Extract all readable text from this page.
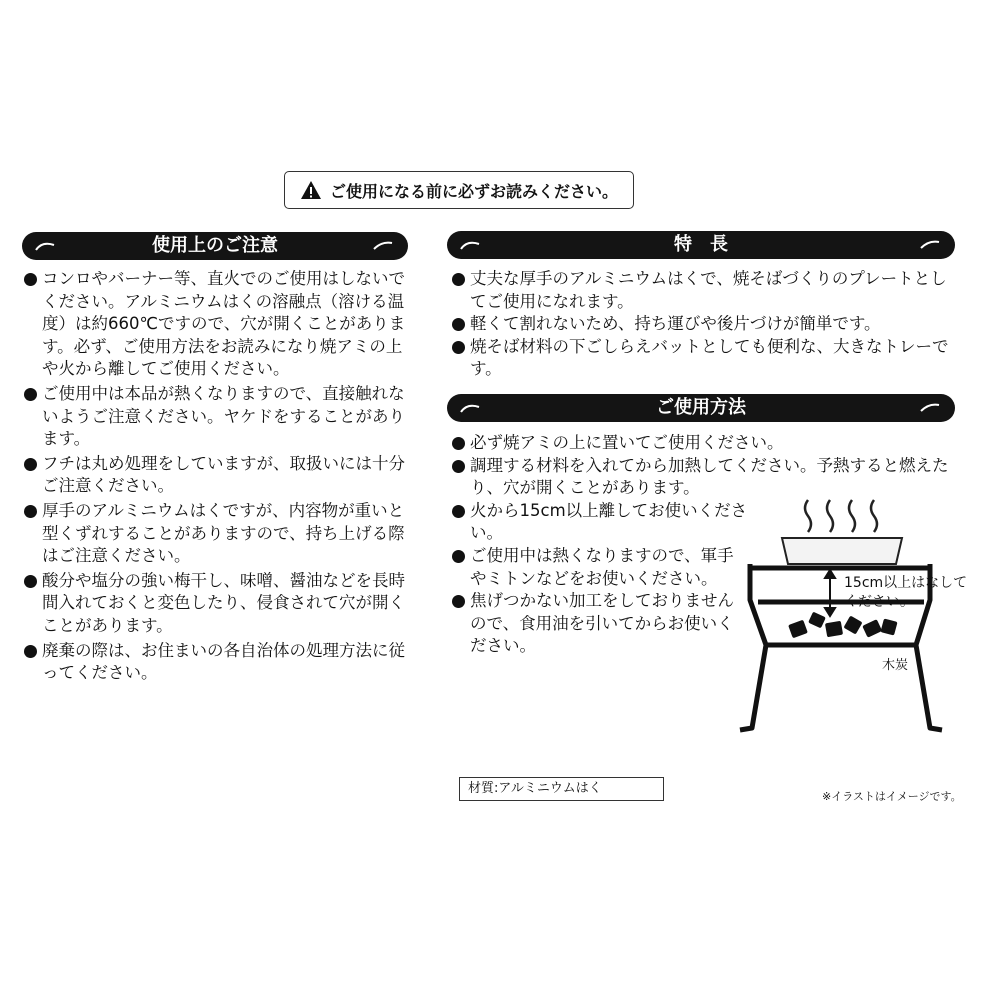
ご使用になる前に必ずお読みください。
使用上のご注意
コンロやバーナー等、直火でのご使用はしないでください。アルミニウムはくの溶融点（溶ける温度）は約660℃ですので、穴が開くことがあります。必ず、ご使用方法をお読みになり焼アミの上や火から離してご使用ください。
ご使用中は本品が熱くなりますので、直接触れないようご注意ください。ヤケドをすることがあります。
フチは丸め処理をしていますが、取扱いには十分ご注意ください。
厚手のアルミニウムはくですが、内容物が重いと型くずれすることがありますので、持ち上げる際はご注意ください。
酸分や塩分の強い梅干し、味噌、醤油などを長時間入れておくと変色したり、侵食されて穴が開くことがあります。
廃棄の際は、お住まいの各自治体の処理方法に従ってください。
特　長
丈夫な厚手のアルミニウムはくで、焼そばづくりのプレートとしてご使用になれます。
軽くて割れないため、持ち運びや後片づけが簡単です。
焼そば材料の下ごしらえバットとしても便利な、大きなトレーです。
ご使用方法
必ず焼アミの上に置いてご使用ください。
調理する材料を入れてから加熱してください。予熱すると燃えたり、穴が開くことがあります。
火から15cm以上離してお使いください。
ご使用中は熱くなりますので、軍手やミトンなどをお使いください。
焦げつかない加工をしておりませんので、食用油を引いてからお使いください。
15cm以上はなして
ください。
木炭
材質:アルミニウムはく
※イラストはイメージです。
